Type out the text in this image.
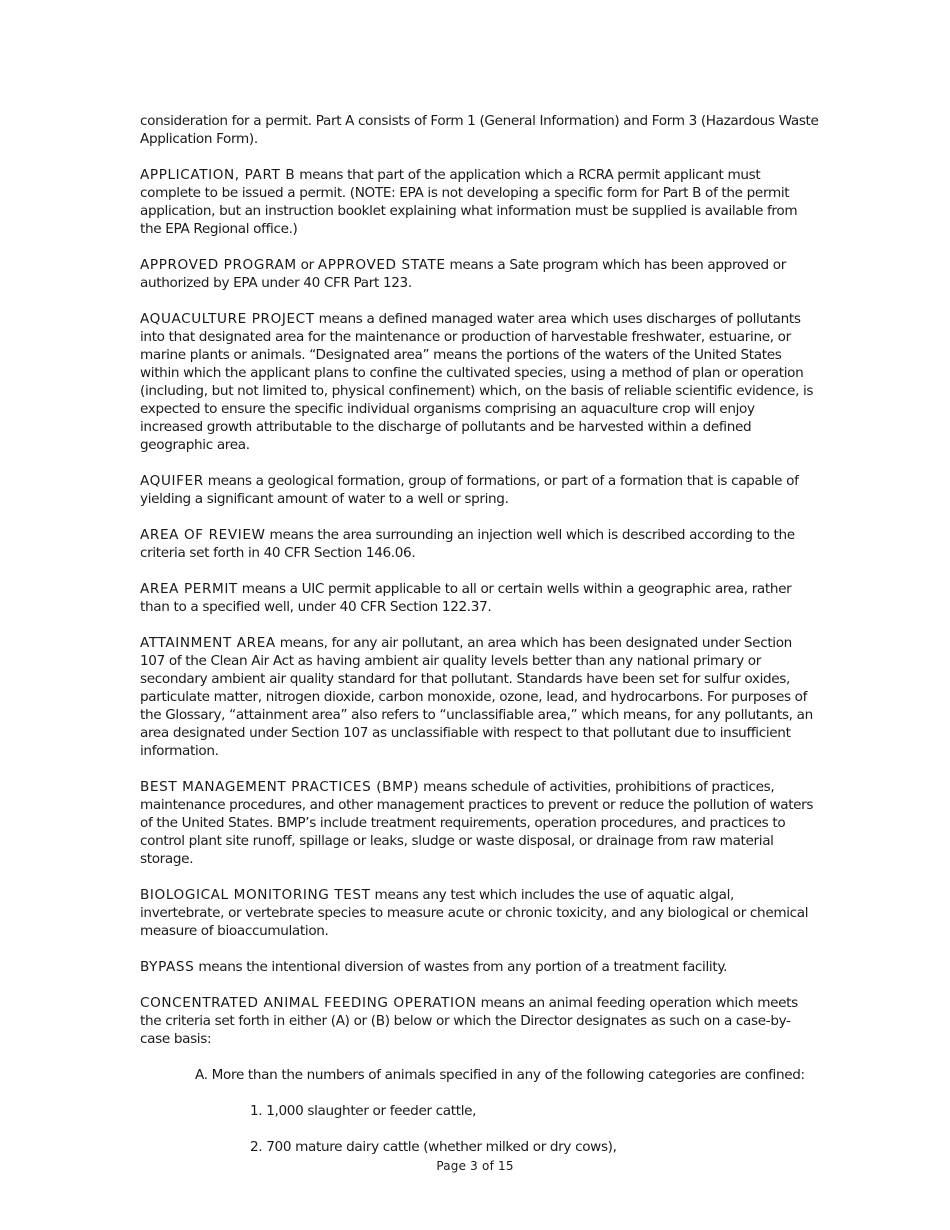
consideration for a permit. Part A consists of Form 1 (General Information) and Form 3 (Hazardous Waste Application Form).

APPLICATION, PART B means that part of the application which a RCRA permit applicant must complete to be issued a permit. (NOTE: EPA is not developing a specific form for Part B of the permit application, but an instruction booklet explaining what information must be supplied is available from the EPA Regional office.)

APPROVED PROGRAM or APPROVED STATE means a Sate program which has been approved or authorized by EPA under 40 CFR Part 123.

AQUACULTURE PROJECT means a defined managed water area which uses discharges of pollutants into that designated area for the maintenance or production of harvestable freshwater, estuarine, or marine plants or animals. “Designated area” means the portions of the waters of the United States within which the applicant plans to confine the cultivated species, using a method of plan or operation (including, but not limited to, physical confinement) which, on the basis of reliable scientific evidence, is expected to ensure the specific individual organisms comprising an aquaculture crop will enjoy increased growth attributable to the discharge of pollutants and be harvested within a defined geographic area.

AQUIFER means a geological formation, group of formations, or part of a formation that is capable of yielding a significant amount of water to a well or spring.

AREA OF REVIEW means the area surrounding an injection well which is described according to the criteria set forth in 40 CFR Section 146.06.

AREA PERMIT means a UIC permit applicable to all or certain wells within a geographic area, rather than to a specified well, under 40 CFR Section 122.37.

ATTAINMENT AREA means, for any air pollutant, an area which has been designated under Section 107 of the Clean Air Act as having ambient air quality levels better than any national primary or secondary ambient air quality standard for that pollutant. Standards have been set for sulfur oxides, particulate matter, nitrogen dioxide, carbon monoxide, ozone, lead, and hydrocarbons. For purposes of the Glossary, “attainment area” also refers to “unclassifiable area,” which means, for any pollutants, an area designated under Section 107 as unclassifiable with respect to that pollutant due to insufficient information.

BEST MANAGEMENT PRACTICES (BMP) means schedule of activities, prohibitions of practices, maintenance procedures, and other management practices to prevent or reduce the pollution of waters of the United States. BMP’s include treatment requirements, operation procedures, and practices to control plant site runoff, spillage or leaks, sludge or waste disposal, or drainage from raw material storage.

BIOLOGICAL MONITORING TEST means any test which includes the use of aquatic algal, invertebrate, or vertebrate species to measure acute or chronic toxicity, and any biological or chemical measure of bioaccumulation.

BYPASS means the intentional diversion of wastes from any portion of a treatment facility.

CONCENTRATED ANIMAL FEEDING OPERATION means an animal feeding operation which meets the criteria set forth in either (A) or (B) below or which the Director designates as such on a case-by-case basis:

A. More than the numbers of animals specified in any of the following categories are confined:

1. 1,000 slaughter or feeder cattle,

2. 700 mature dairy cattle (whether milked or dry cows),

Page 3 of 15
